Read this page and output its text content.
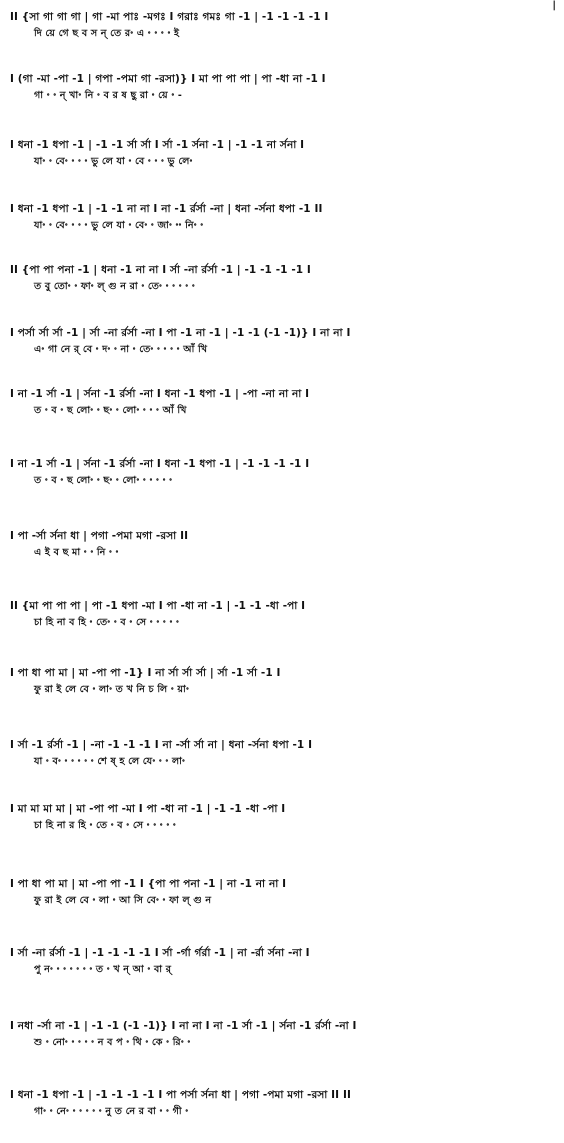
|
II {সা গা গা গা | গা -মা পাঃ -মগঃ I গরাঃ গমঃ গা -1 | -1 -1 -1 -1 I
দি য়ে গে ছ ব স ন্ তে র৽ এ ৽ ৽ ৽ ৽ ই
I (গা -মা -পা -1 | গপা -পমা গা -রসা)} I মা পা পা পা | পা -ধা না -1 I
গা ৽ ৽ ন্ খা৽ নি ৽ ব র ষ ছু রা ৽ য়ে ৽ -
I ধনা -1 ধপা -1 | -1 -1 র্সা র্সা I র্সা -1 র্সনা -1 | -1 -1 না র্সনা I
যা৽ ৽ বে৽ ৽ ৽ ৽ ভু লে যা ৽ বে ৽ ৽ ৽ ভু লে৽
I ধনা -1 ধপা -1 | -1 -1 না না I না -1 র্রর্সা -না | ধনা -র্সনা ধপা -1 II
যা৽ ৽ বে৽ ৽ ৽ ৽ ভু লে যা ৽ বে৽ ৽ জা৽ ৽৽ নি৽ ৽
II {পা পা পনা -1 | ধনা -1 না না I র্সা -না র্রর্সা -1 | -1 -1 -1 -1 I
ত বু তো৽ ৽ ফা৽ ল্ গু ন রা ৽ তে৽ ৽ ৽ ৽ ৽ ৽
I পর্সা র্সা র্সা -1 | র্সা -না র্রর্সা -না I পা -1 না -1 | -1 -1 (-1 -1)} I না না I
এ৽ গা নে র্ বে ৽ দ৽ ৽ না ৽ তে৽ ৽ ৽ ৽ ৽ আঁ খি
I না -1 র্সা -1 | র্সনা -1 র্রর্সা -না I ধনা -1 ধপা -1 | -পা -না না না I
ত ৽ ব ৽ ছ লো৽ ৽ ছ৽ ৽ লো৽ ৽ ৽ ৽ আঁ খি
I না -1 র্সা -1 | র্সনা -1 র্রর্সা -না I ধনা -1 ধপা -1 | -1 -1 -1 -1 I
ত ৽ ব ৽ ছ লো৽ ৽ ছ৽ ৽ লো৽ ৽ ৽ ৽ ৽ ৽
I পা -র্সা র্সনা ধা | পগা -পমা মগা -রসা II
এ ই ব ছ মা ৽ ৽ নি ৽ ৽
II {মা পা পা পা | পা -1 ধপা -মা I পা -ধা না -1 | -1 -1 -ধা -পা I
চা হি না ব হি ৽ তে৽ ৽ ব ৽ সে ৽ ৽ ৽ ৽ ৽
I পা ধা পা মা | মা -পা পা -1} I না র্সা র্সা র্সা | র্সা -1 র্সা -1 I
ফু রা ই লে বে ৽ লা৽ ত খ নি চ লি ৽ য়া৽
I র্সা -1 র্রর্সা -1 | -না -1 -1 -1 I না -র্সা র্সা না | ধনা -র্সনা ধপা -1 I
যা ৽ ব৽ ৽ ৽ ৽ ৽ ৽ শে ষ্ হ লে যে৽ ৽ ৽ লা৽
I মা মা মা মা | মা -পা পা -মা I পা -ধা না -1 | -1 -1 -ধা -পা I
চা হি না র হি ৽ তে ৽ ব ৽ সে ৽ ৽ ৽ ৽ ৽
I পা ধা পা মা | মা -পা পা -1 I {পা পা পনা -1 | না -1 না না I
ফু রা ই লে বে ৽ লা ৽ আ সি বে৽ ৽ ফা ল্ গু ন
I র্সা -না র্রর্সা -1 | -1 -1 -1 -1 I র্সা -র্গা র্গর্রা -1 | না -র্রা র্সনা -না I
পু ন৽ ৽ ৽ ৽ ৽ ৽ ৽ ত ৽ খ ন্ আ ৽ বা র্
I নধা -র্সা না -1 | -1 -1 (-1 -1)} I না না I না -1 র্সা -1 | র্সনা -1 র্রর্সা -না I
শু ৽ নো৽ ৽ ৽ ৽ ৽ ন ব প ৽ থি ৽ কে ৽ রি৽ ৽
I ধনা -1 ধপা -1 | -1 -1 -1 -1 I পা পর্সা র্সনা ধা | পগা -পমা মগা -রসা II II
গা৽ ৽ নে৽ ৽ ৽ ৽ ৽ ৽ নু ত নে র বা ৽ ৽ গী ৽
